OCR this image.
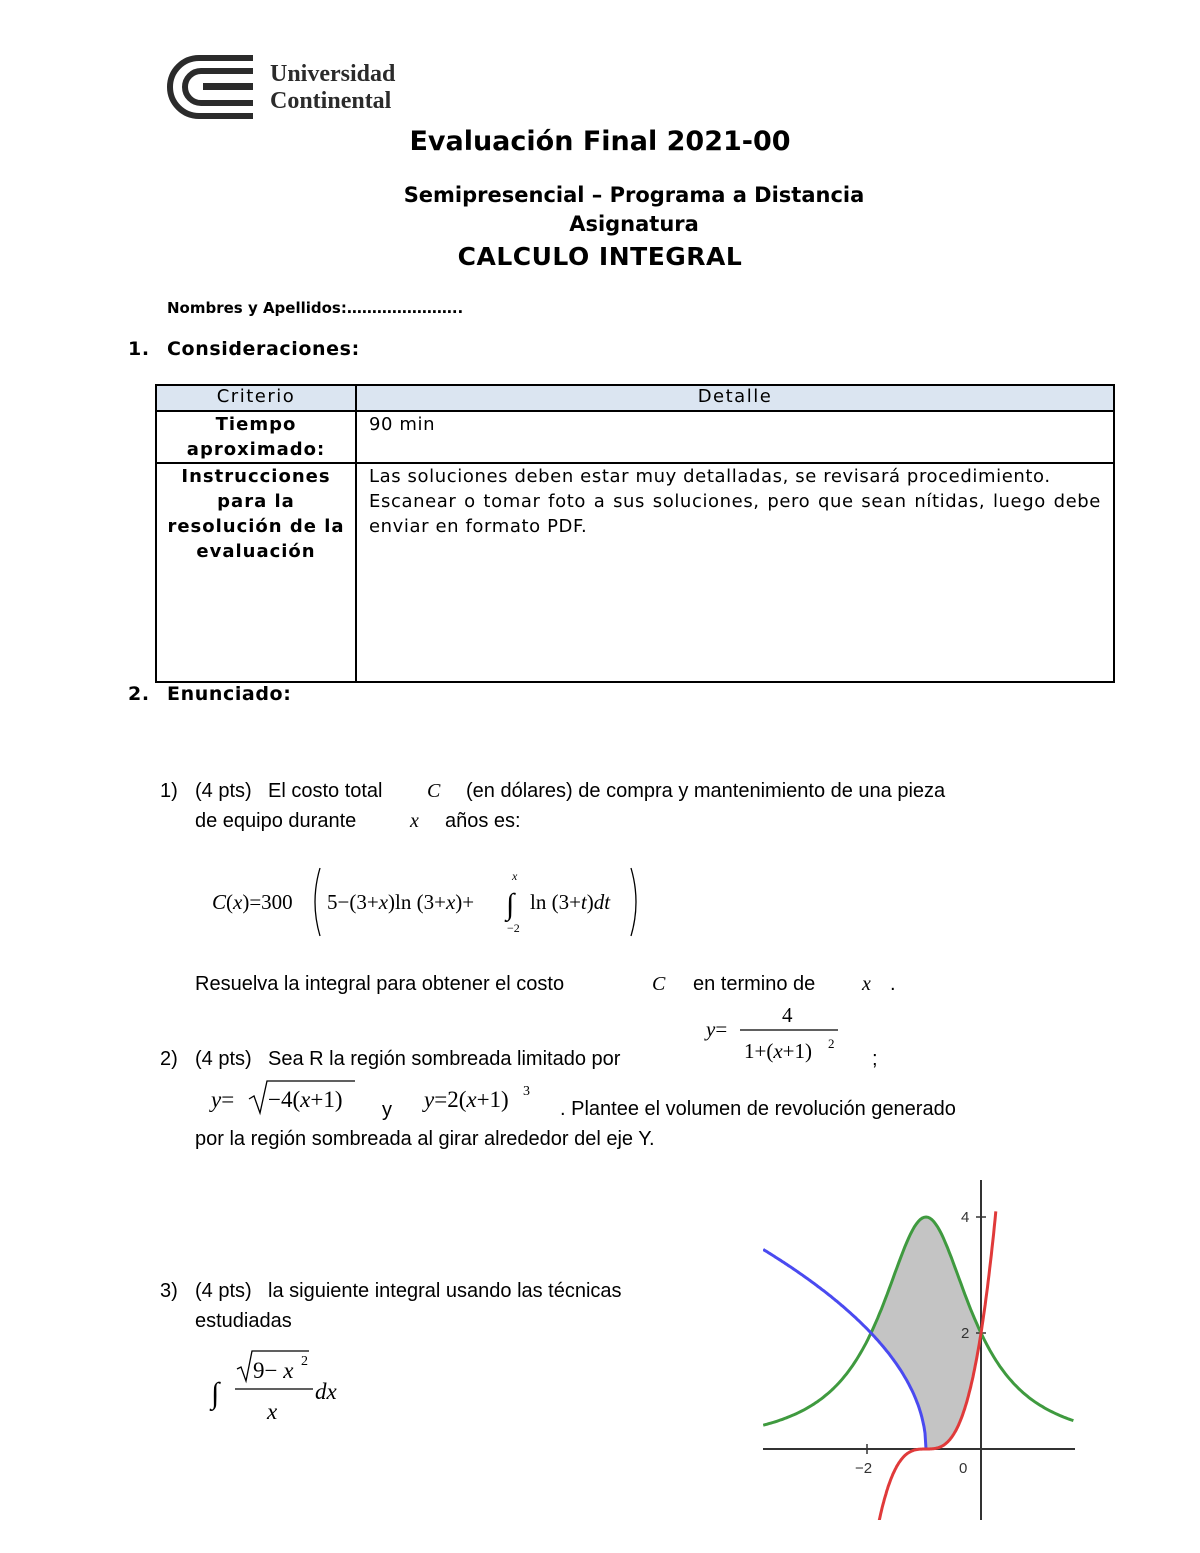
Universidad
Continental
Evaluación Final 2021-00
Semipresencial – Programa a Distancia
Asignatura
CALCULO INTEGRAL
Nombres y Apellidos:…………………..
1. Consideraciones:
Criterio	Detalle
Tiempo aproximado:	90 min

Instrucciones para la resolución de la evaluación	Las soluciones deben estar muy detalladas, se revisará procedimiento.
Escanear o tomar foto a sus soluciones, pero que sean nítidas, luego debe enviar en formato PDF.
2. Enunciado:
1) (4 pts) El costo total C (en dólares) de compra y mantenimiento de una pieza
de equipo durante	x años es:
C(x)=300 5−(3+x)ln (3+x)+ ∫
x
−2
ln (3+t)dt
Resuelva la integral para obtener el costo	C en termino de x .
y=
4
1+(x+1) 2
2) (4 pts) Sea R la región sombreada limitado por	;
y= −4(x+1) y y=2(x+1) 3
. Plantee el volumen de revolución generado
por la región sombreada al girar alrededor del eje Y.
3) (4 pts) la siguiente integral usando las técnicas
estudiadas
∫
9− x 2
x
dx
−2	0
2
4
